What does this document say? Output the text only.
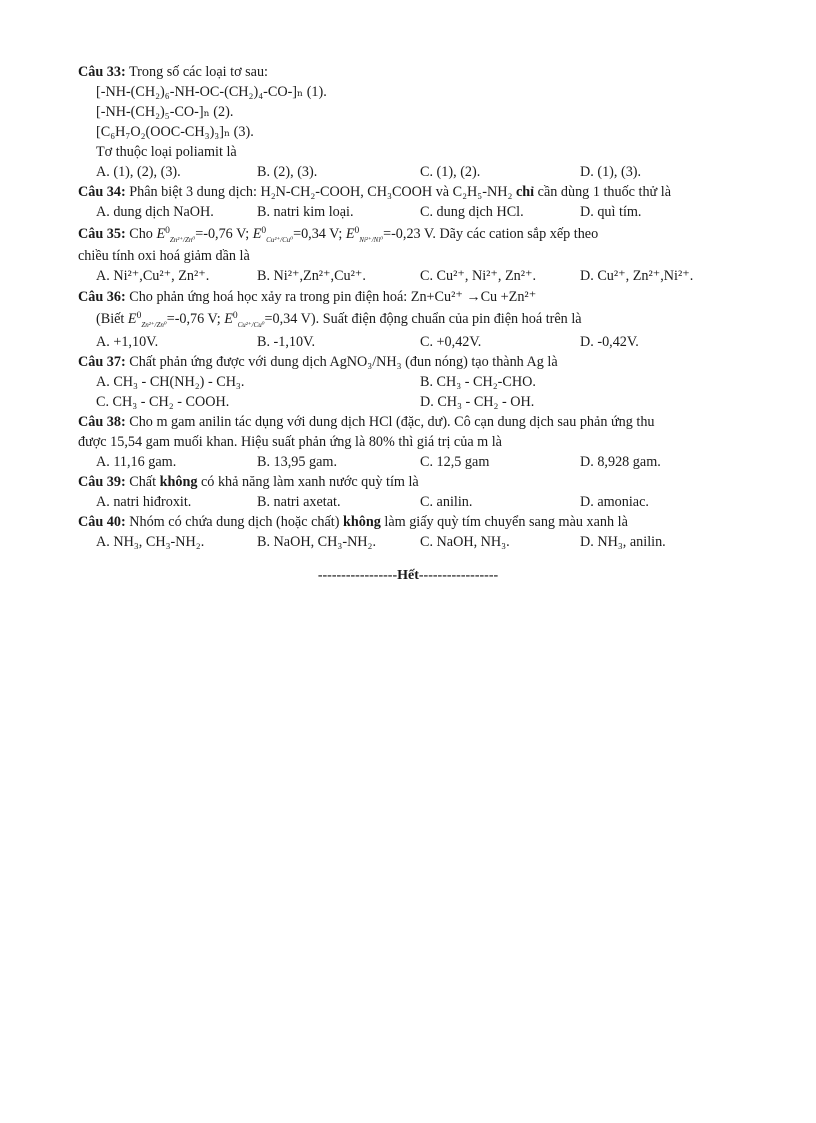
Câu 33: Trong số các loại tơ sau:
[-NH-(CH₂)₆-NH-OC-(CH₂)₄-CO-]ₙ (1).
[-NH-(CH₂)₅-CO-]ₙ (2).
[C₆H₇O₂(OOC-CH₃)₃]ₙ (3).
Tơ thuộc loại poliamit là
A. (1), (2), (3).	B. (2), (3).	C. (1), (2).	D. (1), (3).
Câu 34: Phân biệt 3 dung dịch: H₂N-CH₂-COOH, CH₃COOH và C₂H₅-NH₂ chỉ cần dùng 1 thuốc thử là
A. dung dịch NaOH.	B. natri kim loại.	C. dung dịch HCl.	D. quì tím.
Câu 35: Cho $E^0_{Zn^{2+}/Zn^0}=-0,76$ V; $E^0_{Cu^{2+}/Cu^0}=0,34$ V; $E^0_{Ni^{2+}/Ni^0}=-0,23$ V. Dãy các cation sắp xếp theo
chiều tính oxi hoá giảm dần là
A. Ni²⁺,Cu²⁺, Zn²⁺.	B. Ni²⁺,Zn²⁺,Cu²⁺.	C. Cu²⁺, Ni²⁺, Zn²⁺.	D. Cu²⁺, Zn²⁺,Ni²⁺.
Câu 36: Cho phản ứng hoá học xảy ra trong pin điện hoá: Zn+Cu²⁺ →Cu +Zn²⁺
(Biết $E^0_{Zn^{2+}/Zn^0}=-0,76$ V; $E^0_{Cu^{2+}/Cu^0}=0,34$ V). Suất điện động chuẩn của pin điện hoá trên là
A. +1,10V.	B. -1,10V.	C. +0,42V.	D. -0,42V.
Câu 37: Chất phản ứng được với dung dịch AgNO₃/NH₃ (đun nóng) tạo thành Ag là
A. CH₃ - CH(NH₂) - CH₃.	B. CH₃ - CH₂-CHO.
C. CH₃ - CH₂ - COOH.	D. CH₃ - CH₂ - OH.
Câu 38: Cho m gam anilin tác dụng với dung dịch HCl (đặc, dư). Cô cạn dung dịch sau phản ứng thu
được 15,54 gam muối khan. Hiệu suất phản ứng là 80% thì giá trị của m là
A. 11,16 gam.	B. 13,95 gam.	C. 12,5 gam	D. 8,928 gam.
Câu 39: Chất không có khả năng làm xanh nước quỳ tím là
A. natri hiđroxit.	B. natri axetat.	C. anilin.	D. amoniac.
Câu 40: Nhóm có chứa dung dịch (hoặc chất) không làm giấy quỳ tím chuyển sang màu xanh là
A. NH₃, CH₃-NH₂.	B. NaOH, CH₃-NH₂.	C. NaOH, NH₃.	D. NH₃, anilin.
-----------------Hết-----------------
